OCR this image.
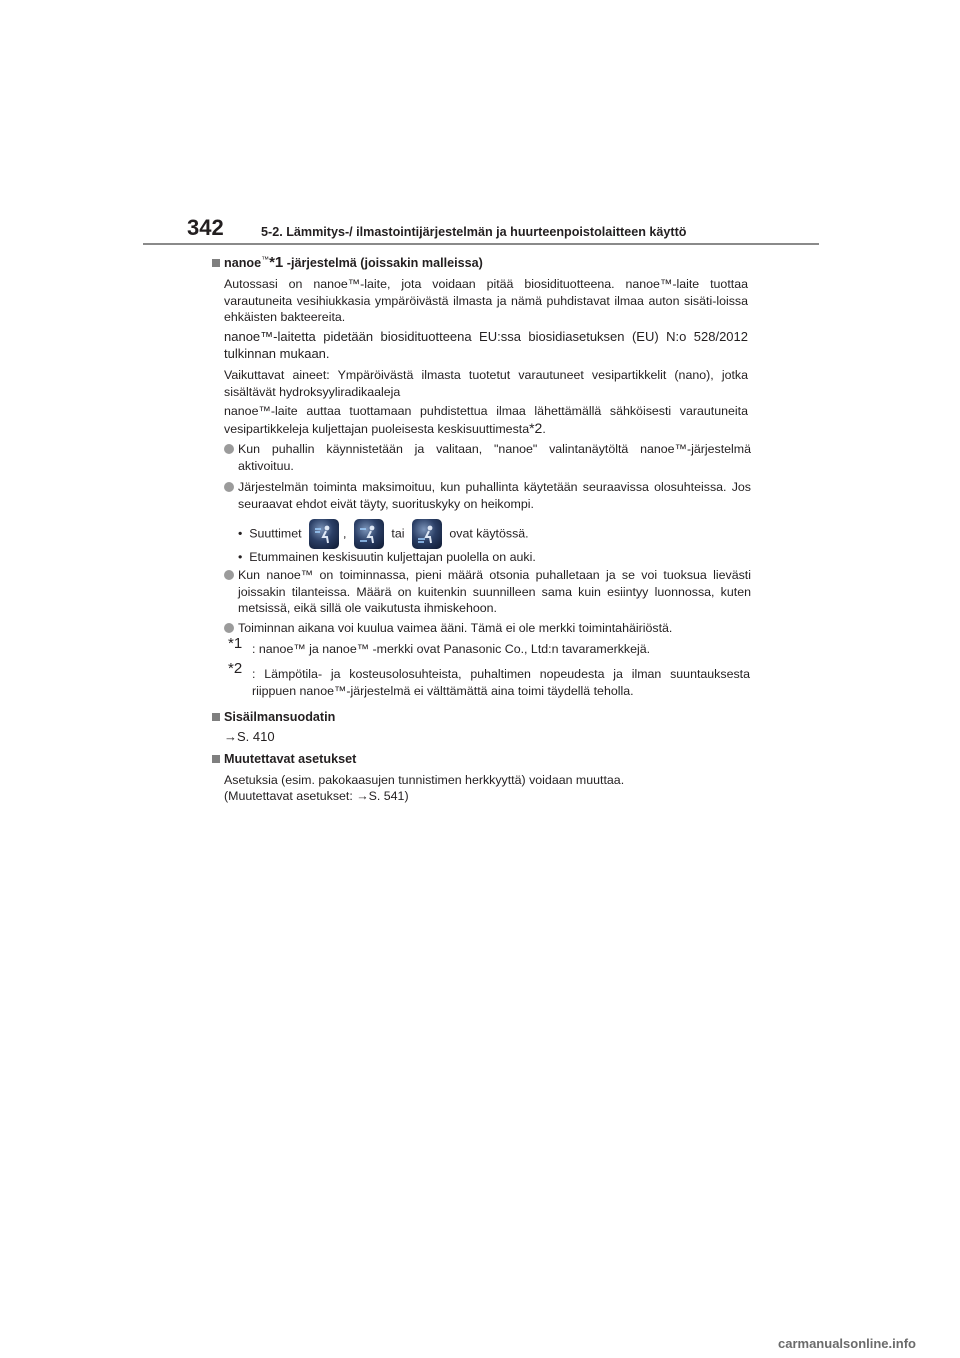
342	5-2. Lämmitys-/ ilmastointijärjestelmän ja huurteenpoistolaitteen käyttö
nanoe™*1 -järjestelmä (joissakin malleissa)
Autossasi on nanoe™-laite, jota voidaan pitää biosidituotteena. nanoe™-laite tuottaa varautuneita vesihiukkasia ympäröivästä ilmasta ja nämä puhdistavat ilmaa auton sisäti-loissa ehkäisten bakteereita.
nanoe™-laitetta pidetään biosidituotteena EU:ssa biosidiasetuksen (EU) N:o 528/2012 tulkinnan mukaan.
Vaikuttavat aineet: Ympäröivästä ilmasta tuotetut varautuneet vesipartikkelit (nano), jotka sisältävät hydroksyyliradikaaleja
nanoe™-laite auttaa tuottamaan puhdistettua ilmaa lähettämällä sähköisesti varautuneita vesipartikkeleja kuljettajan puoleisesta keskisuuttimesta*2.
Kun puhallin käynnistetään ja valitaan, "nanoe" valintanäytöltä nanoe™-järjestelmä aktivoituu.
Järjestelmän toiminta maksimoituu, kun puhallinta käytetään seuraavissa olosuhteissa. Jos seuraavat ehdot eivät täyty, suorituskyky on heikompi.
•  Suuttimet	,	tai	ovat käytössä.
•  Etummainen keskisuutin kuljettajan puolella on auki.
Kun nanoe™ on toiminnassa, pieni määrä otsonia puhalletaan ja se voi tuoksua lievästi joissakin tilanteissa. Määrä on kuitenkin suunnilleen sama kuin esiintyy luonnossa, kuten metsissä, eikä sillä ole vaikutusta ihmiskehoon.
Toiminnan aikana voi kuulua vaimea ääni. Tämä ei ole merkki toimintahäiriöstä.
*1 : nanoe™ ja nanoe™ -merkki ovat Panasonic Co., Ltd:n tavaramerkkejä.
*2 : Lämpötila- ja kosteusolosuhteista, puhaltimen nopeudesta ja ilman suuntauksesta riippuen nanoe™-järjestelmä ei välttämättä aina toimi täydellä teholla.
Sisäilmansuodatin
→S. 410
Muutettavat asetukset
Asetuksia (esim. pakokaasujen tunnistimen herkkyyttä) voidaan muuttaa.
(Muutettavat asetukset: →S. 541)
carmanualsonline.info
